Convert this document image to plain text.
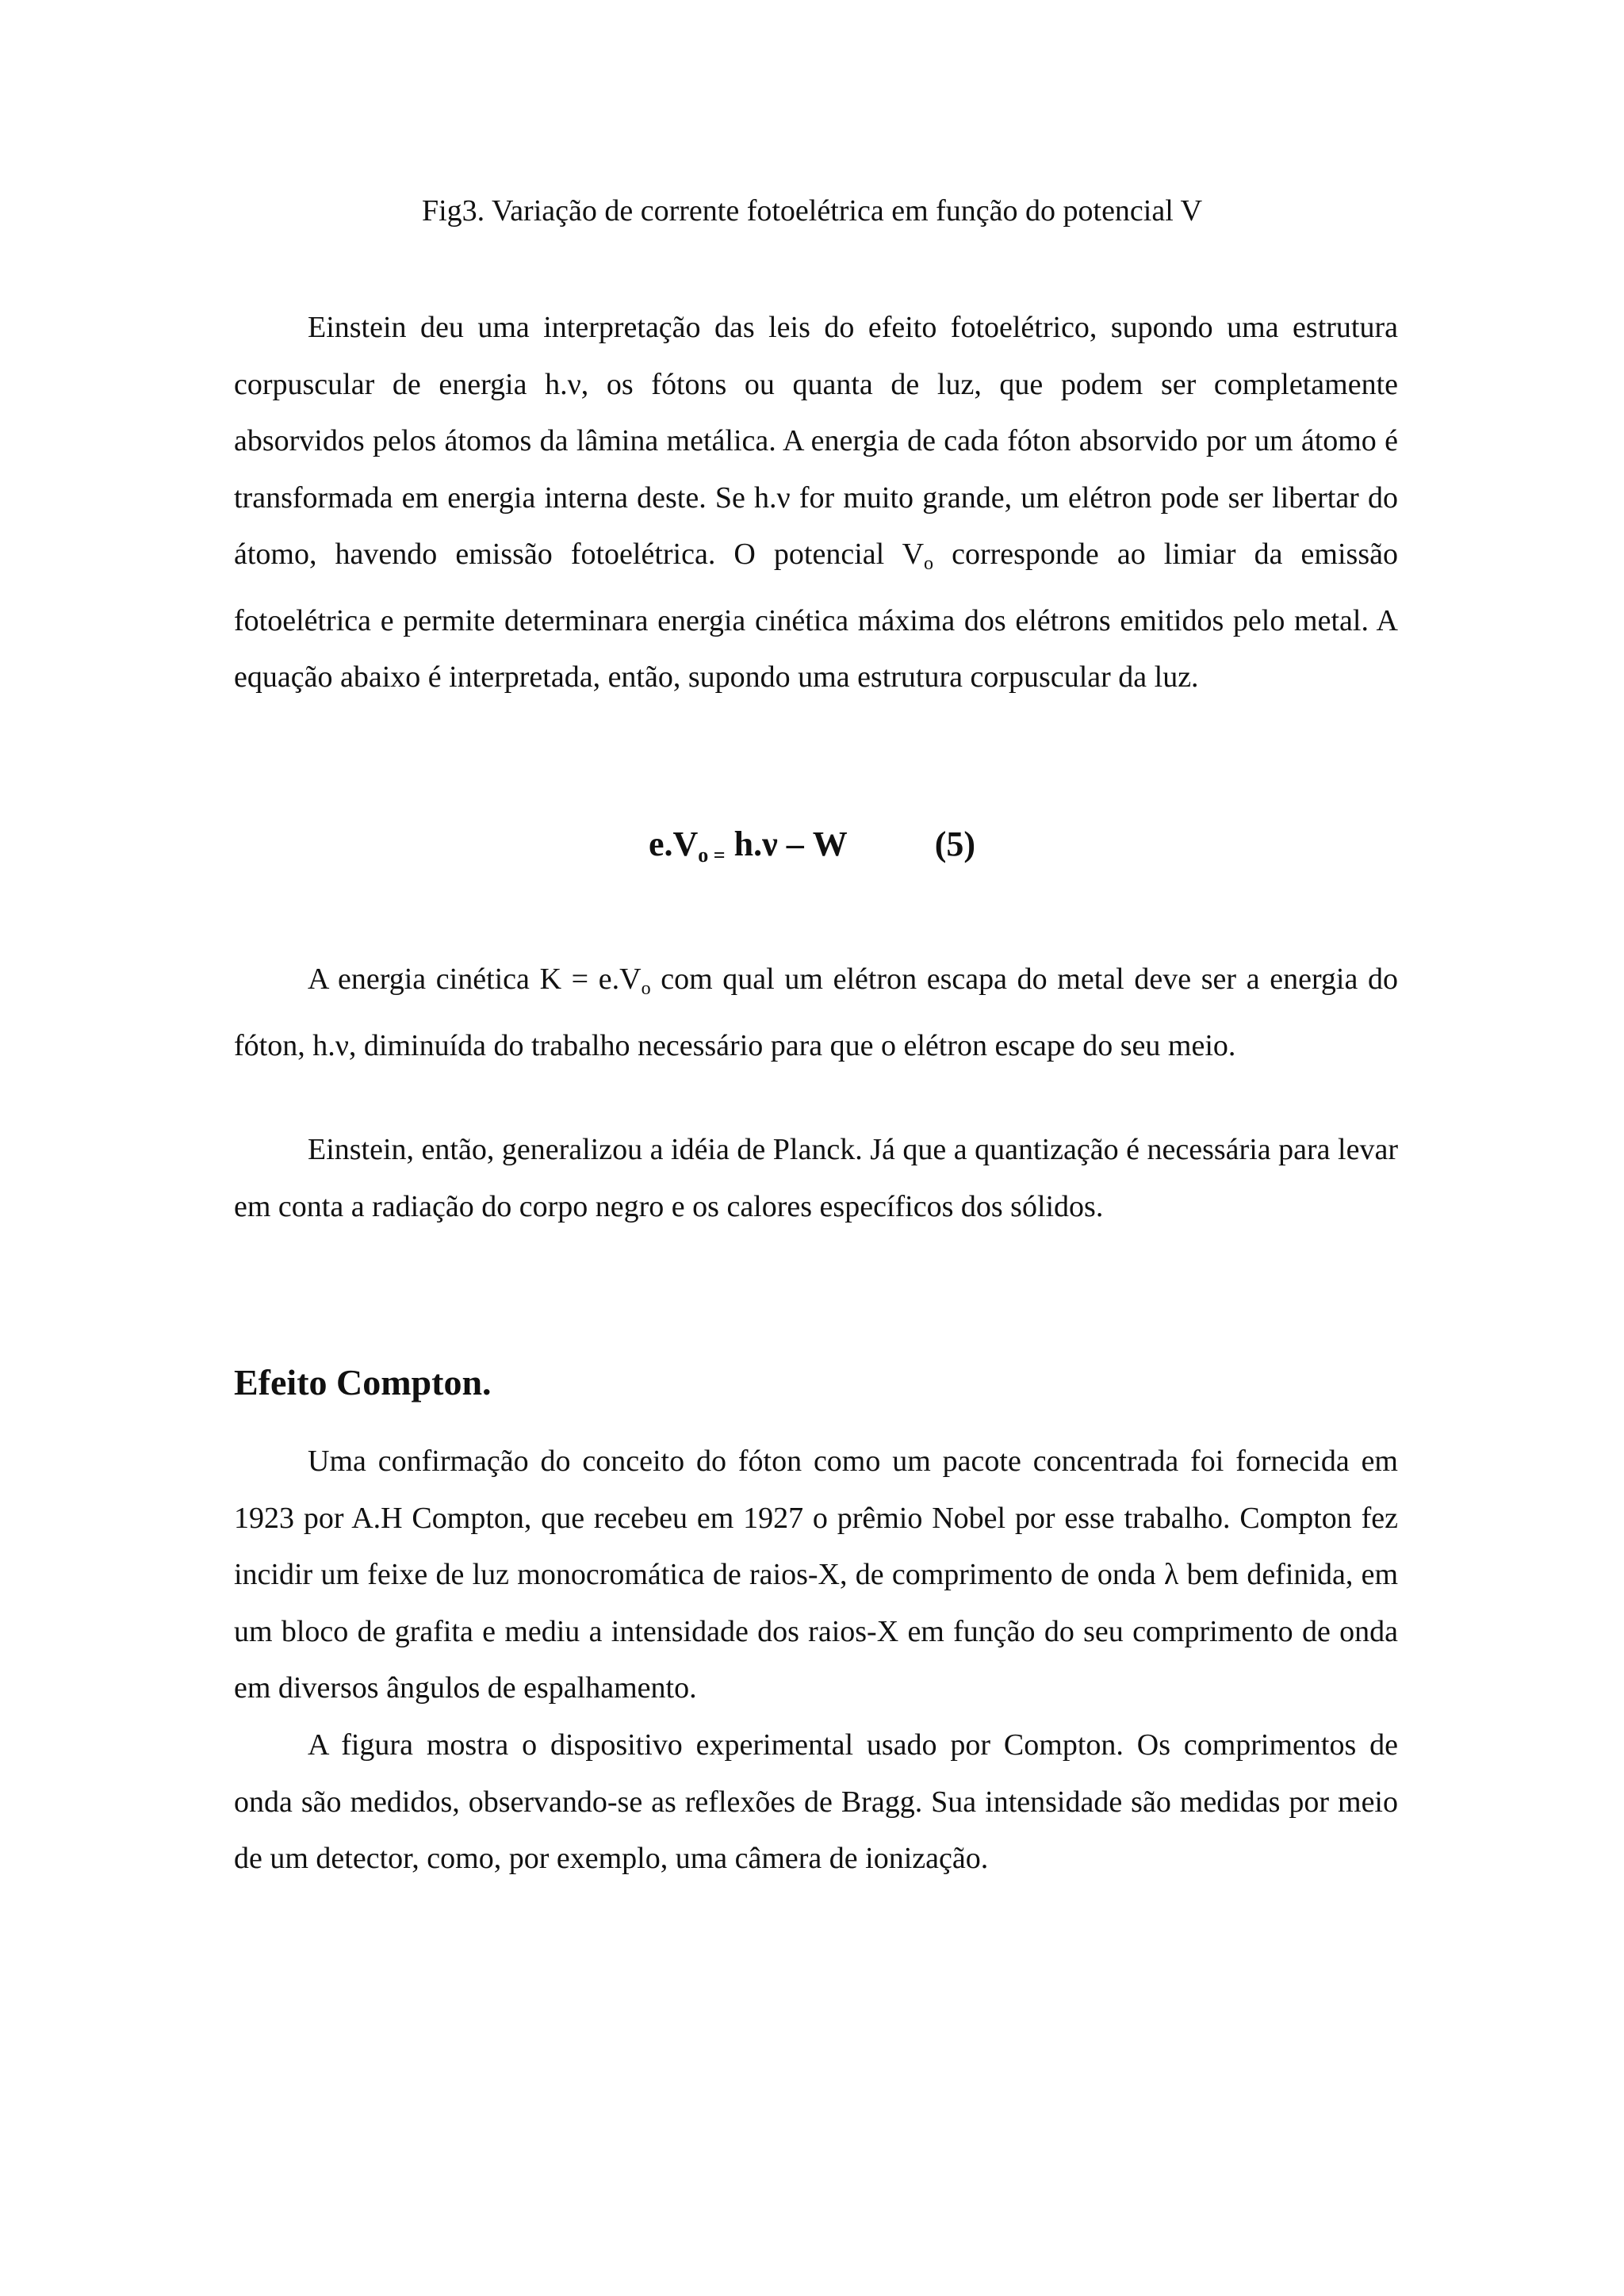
Fig3. Variação de corrente fotoelétrica em função do potencial V

Einstein deu uma interpretação das leis do efeito fotoelétrico, supondo uma estrutura corpuscular de energia h.ν, os fótons ou quanta de luz, que podem ser completamente absorvidos pelos átomos da lâmina metálica. A energia de cada fóton absorvido por um átomo é transformada em energia interna deste. Se h.ν for muito grande, um elétron pode ser libertar do átomo, havendo emissão fotoelétrica. O potencial $V_o$ corresponde ao limiar da emissão fotoelétrica e permite determinara energia cinética máxima dos elétrons emitidos pelo metal. A equação abaixo é interpretada, então, supondo uma estrutura corpuscular da luz.

$e.V_{o =}$ h.ν – W	(5)

A energia cinética $K = e.V_o$ com qual um elétron escapa do metal deve ser a energia do fóton, h.ν, diminuída do trabalho necessário para que o elétron escape do seu meio.

Einstein, então, generalizou a idéia de Planck. Já que a quantização é necessária para levar em conta a radiação do corpo negro e os calores específicos dos sólidos.

Efeito Compton.

Uma confirmação do conceito do fóton como um pacote concentrada foi fornecida em 1923 por A.H Compton, que recebeu em 1927 o prêmio Nobel por esse trabalho. Compton fez incidir um feixe de luz monocromática de raios-X, de comprimento de onda λ bem definida, em um bloco de grafita e mediu a intensidade dos raios-X em função do seu comprimento de onda em diversos ângulos de espalhamento.

A figura mostra o dispositivo experimental usado por Compton. Os comprimentos de onda são medidos, observando-se as reflexões de Bragg. Sua intensidade são medidas por meio de um detector, como, por exemplo, uma câmera de ionização.
